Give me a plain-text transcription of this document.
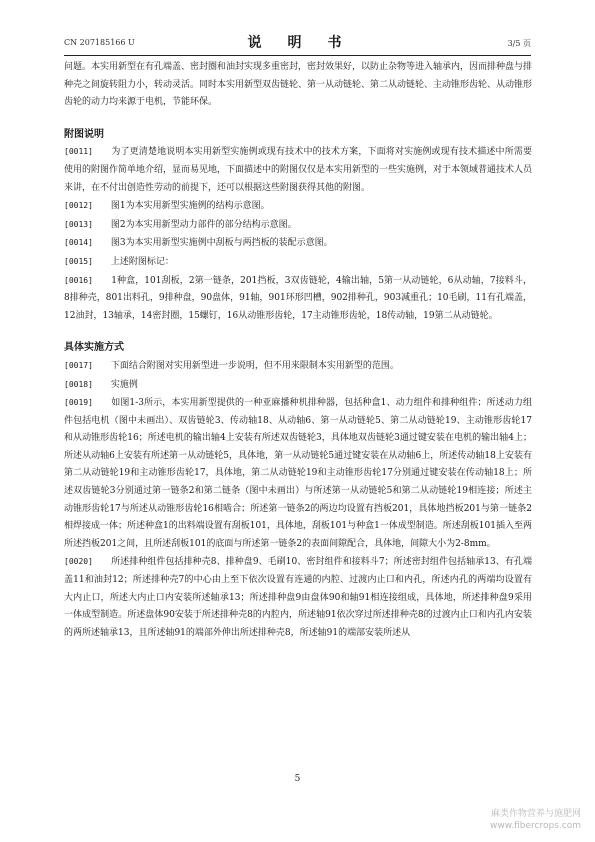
CN 207185166 U	说　明　书	3/5 页

问题。本实用新型在有孔端盖、密封圈和油封实现多重密封，密封效果好，以防止杂物等进入轴承内，因而排种盘与排种壳之间旋转阻力小，转动灵活。同时本实用新型双齿链轮、第一从动链轮、第二从动链轮、主动锥形齿轮、从动锥形齿轮的动力均来源于电机，节能环保。

附图说明

[0011]　　 为了更清楚地说明本实用新型实施例或现有技术中的技术方案，下面将对实施例或现有技术描述中所需要使用的附图作简单地介绍，显而易见地，下面描述中的附图仅仅是本实用新型的一些实施例，对于本领域普通技术人员来讲，在不付出创造性劳动的前提下，还可以根据这些附图获得其他的附图。

[0012]　　 图1为本实用新型实施例的结构示意图。

[0013]　　 图2为本实用新型动力部件的部分结构示意图。

[0014]　　 图3为本实用新型实施例中刮板与两挡板的装配示意图。

[0015]　　 上述附图标记：

[0016]　　 1种盒，101刮板，2第一链条，201挡板，3双齿链轮，4输出轴，5第一从动链轮，6从动轴，7接料斗，8排种壳，801出料孔，9排种盘，90盘体，91轴，901环形凹槽，902排种孔，903减重孔；10毛刷，11有孔端盖，12油封，13轴承，14密封圈，15螺钉，16从动锥形齿轮，17主动锥形齿轮，18传动轴，19第二从动链轮。

具体实施方式

[0017]　　 下面结合附图对实用新型进一步说明，但不用来限制本实用新型的范围。

[0018]　　 实施例

[0019]　　 如图1-3所示，本实用新型提供的一种亚麻播种机排种器，包括种盒1、动力组件和排种组件；所述动力组件包括电机（图中未画出）、双齿链轮3、传动轴18、从动轴6、第一从动链轮5、第二从动链轮19、主动锥形齿轮17和从动锥形齿轮16；所述电机的输出轴4上安装有所述双齿链轮3，具体地双齿链轮3通过键安装在电机的输出轴4上；所述从动轴6上安装有所述第一从动链轮5，具体地，第一从动链轮5通过键安装在从动轴6上，所述传动轴18上安装有第二从动链轮19和主动锥形齿轮17，具体地，第二从动链轮19和主动锥形齿轮17分别通过键安装在传动轴18上；所述双齿链轮3分别通过第一链条2和第二链条（图中未画出）与所述第一从动链轮5和第二从动链轮19相连接；所述主动锥形齿轮17与所述从动锥形齿轮16相啮合；所述第一链条2的两边均设置有挡板201，具体地挡板201与第一链条2相焊接成一体；所述种盒1的出料端设置有刮板101，具体地，刮板101与种盒1一体成型制造。所述刮板101插入至两所述挡板201之间，且所述刮板101的底面与所述第一链条2的表面间隙配合，具体地，间隙大小为2-8mm。

[0020]　　 所述排种组件包括排种壳8、排种盘9、毛刷10、密封组件和接料斗7；所述密封组件包括轴承13、有孔端盖11和油封12；所述排种壳7的中心由上至下依次设置有连通的内腔、过渡内止口和内孔，所述内孔的两端均设置有大内止口，所述大内止口内安装所述轴承13；所述排种盘9由盘体90和轴91相连接组成，具体地，所述排种盘9采用一体成型制造。所述盘体90安装于所述排种壳8的内腔内，所述轴91依次穿过所述排种壳8的过渡内止口和内孔内安装的两所述轴承13，且所述轴91的端部外伸出所述排种壳8，所述轴91的端部安装所述从

5
麻类作物营养与施肥网
www.fibercrops.com
